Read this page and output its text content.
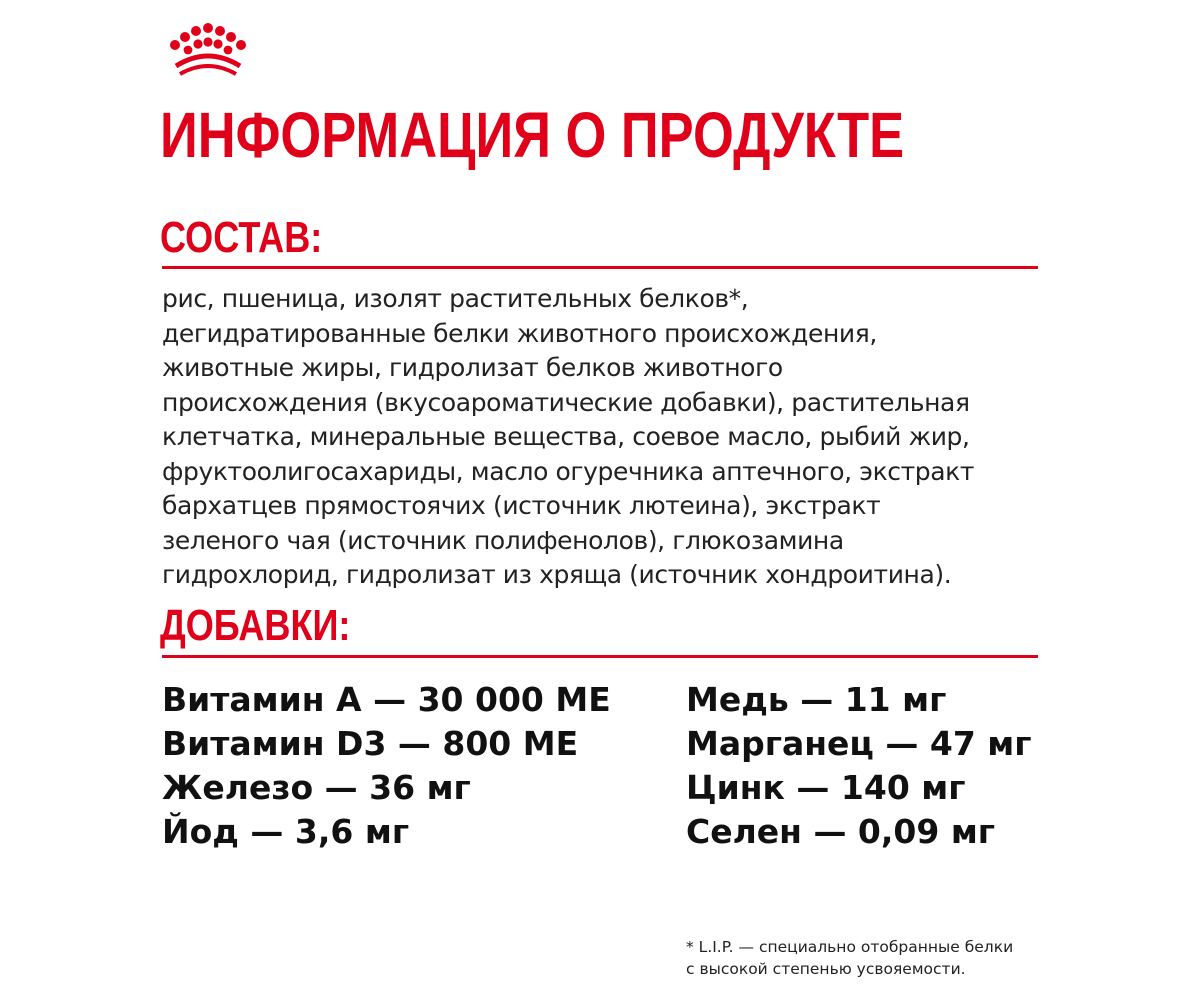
ИНФОРМАЦИЯ О ПРОДУКТЕ
СОСТАВ:
рис, пшеница, изолят растительных белков*,
дегидратированные белки животного происхождения,
животные жиры, гидролизат белков животного
происхождения (вкусоароматические добавки), растительная
клетчатка, минеральные вещества, соевое масло, рыбий жир,
фруктоолигосахариды, масло огуречника аптечного, экстракт
бархатцев прямостоячих (источник лютеина), экстракт
зеленого чая (источник полифенолов), глюкозамина
гидрохлорид, гидролизат из хряща (источник хондроитина).
ДОБАВКИ:
Витамин А — 30 000 МЕ
Витамин D3 — 800 МЕ
Железо — 36 мг
Йод — 3,6 мг
Медь — 11 мг
Марганец — 47 мг
Цинк — 140 мг
Селен — 0,09 мг
* L.I.P. — специально отобранные белки
с высокой степенью усвояемости.
